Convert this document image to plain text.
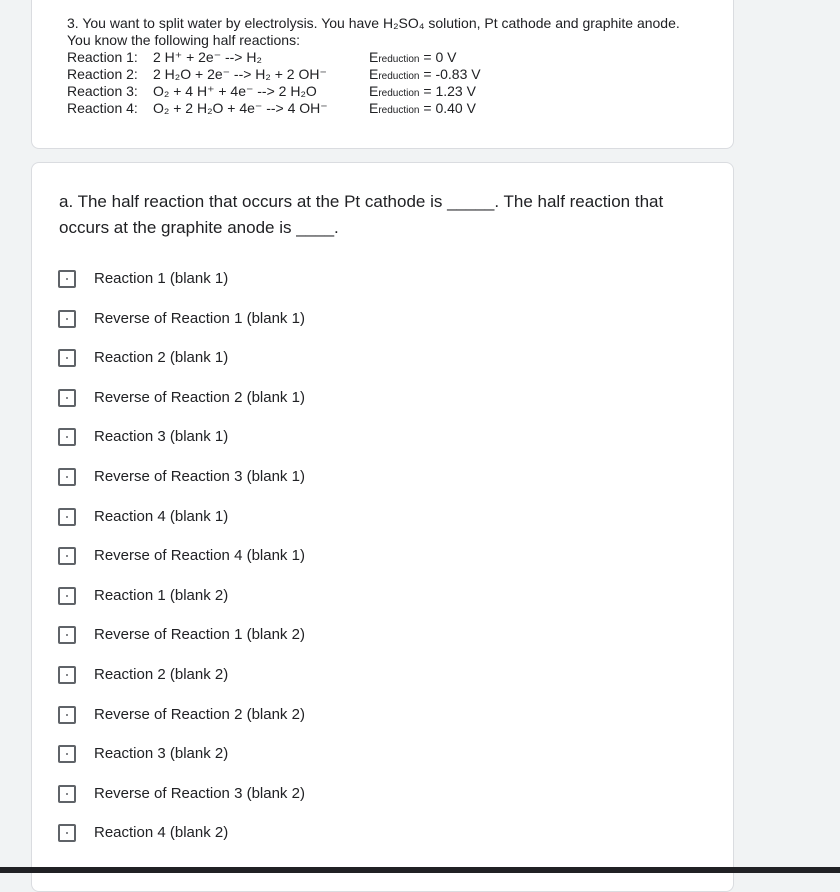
3. You want to split water by electrolysis. You have H₂SO₄ solution, Pt cathode and graphite anode.
You know the following half reactions:
Reaction 1: 2 H⁺ + 2e⁻ --> H₂	Ereduction = 0 V
Reaction 2: 2 H₂O + 2e⁻ --> H₂ + 2 OH⁻	Ereduction = -0.83 V
Reaction 3: O₂ + 4 H⁺ + 4e⁻ --> 2 H₂O	Ereduction = 1.23 V
Reaction 4: O₂ + 2 H₂O + 4e⁻ --> 4 OH⁻	Ereduction = 0.40 V
a. The half reaction that occurs at the Pt cathode is _____. The half reaction that occurs at the graphite anode is ____.
Reaction 1 (blank 1)
Reverse of Reaction 1 (blank 1)
Reaction 2 (blank 1)
Reverse of Reaction 2 (blank 1)
Reaction 3 (blank 1)
Reverse of Reaction 3 (blank 1)
Reaction 4 (blank 1)
Reverse of Reaction 4 (blank 1)
Reaction 1 (blank 2)
Reverse of Reaction 1 (blank 2)
Reaction 2 (blank 2)
Reverse of Reaction 2 (blank 2)
Reaction 3 (blank 2)
Reverse of Reaction 3 (blank 2)
Reaction 4 (blank 2)
